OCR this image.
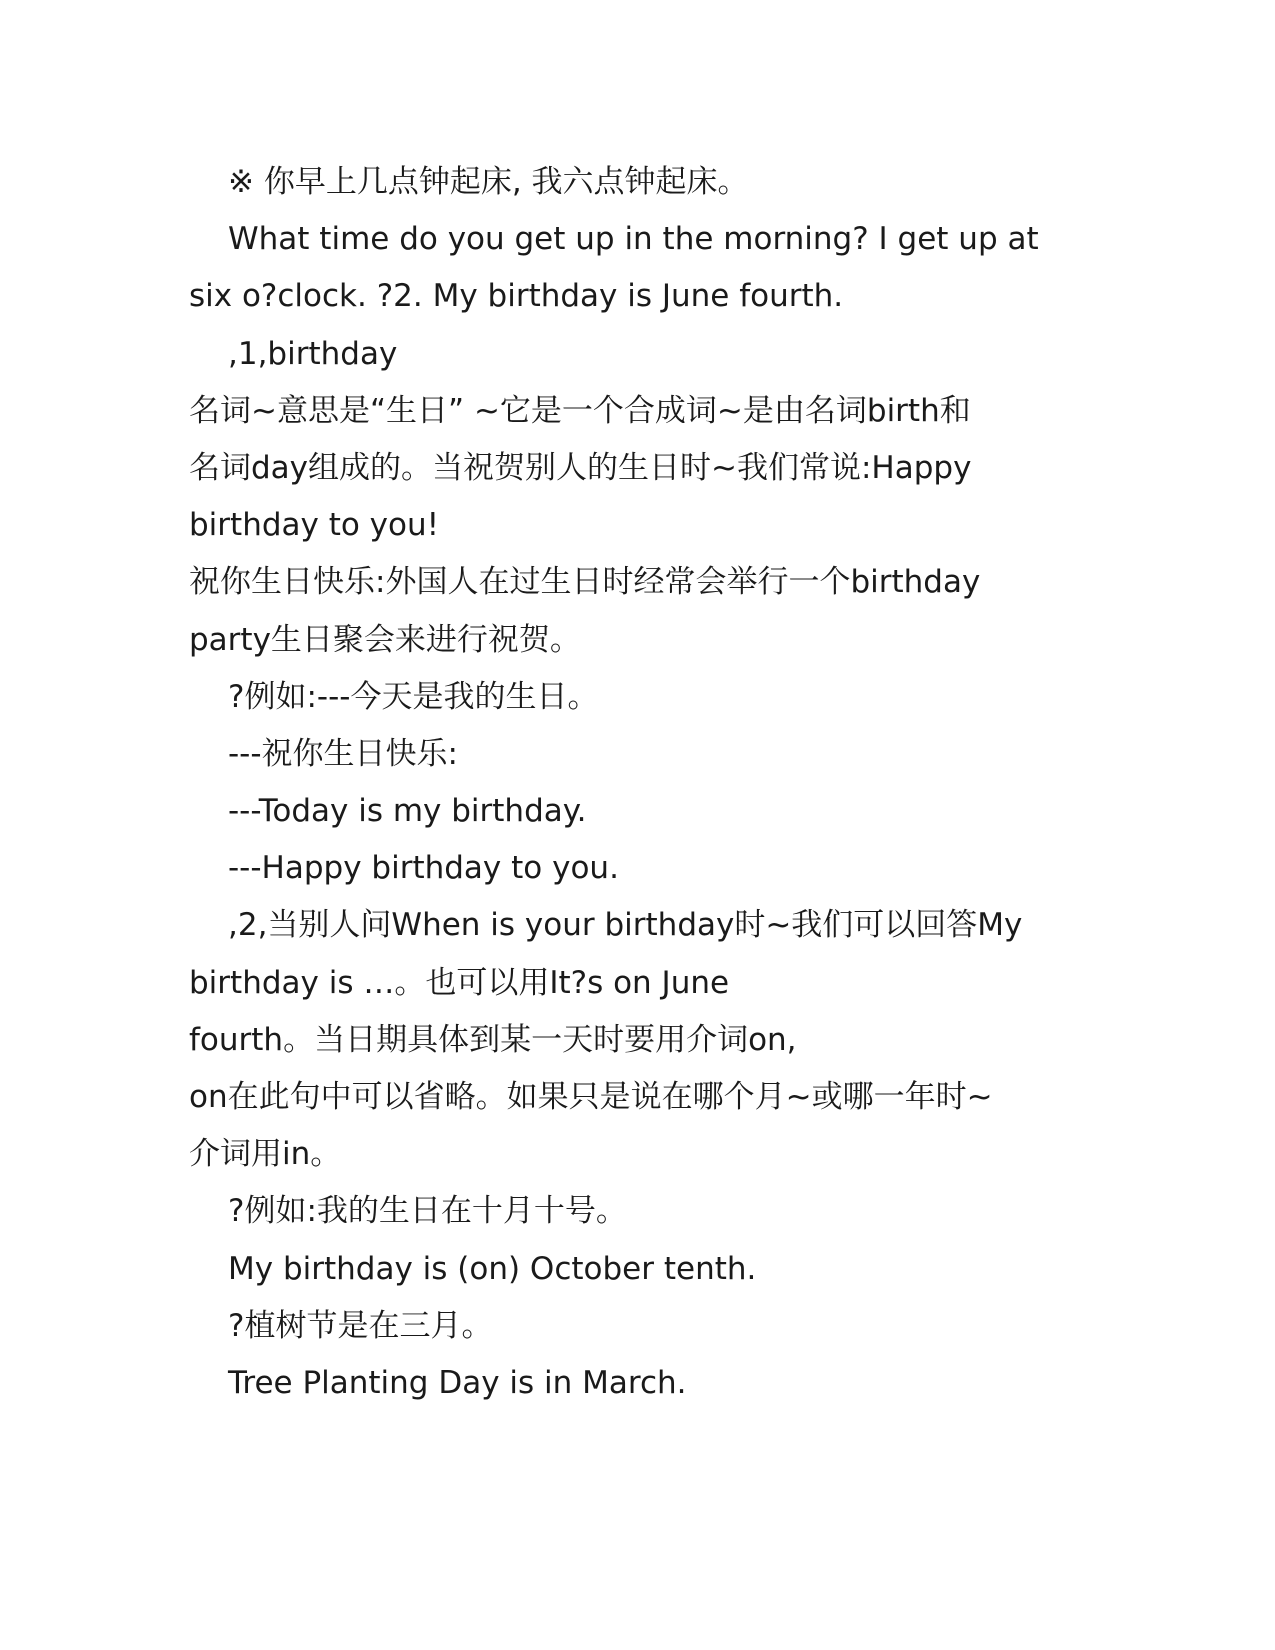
※ 你早上几点钟起床, 我六点钟起床。
What time do you get up in the morning? I get up at
six o?clock. ?2. My birthday is June fourth.
,1,birthday
名词~意思是“生日” ~它是一个合成词~是由名词birth和
名词day组成的。当祝贺别人的生日时~我们常说:Happy
birthday to you!
祝你生日快乐:外国人在过生日时经常会举行一个birthday
party生日聚会来进行祝贺。
?例如:---今天是我的生日。
---祝你生日快乐:
---Today is my birthday.
---Happy birthday to you.
,2,当别人问When is your birthday时~我们可以回答My
birthday is …。也可以用It?s on June
fourth。当日期具体到某一天时要用介词on,
on在此句中可以省略。如果只是说在哪个月~或哪一年时~
介词用in。
?例如:我的生日在十月十号。
My birthday is (on) October tenth.
?植树节是在三月。
Tree Planting Day is in March.
